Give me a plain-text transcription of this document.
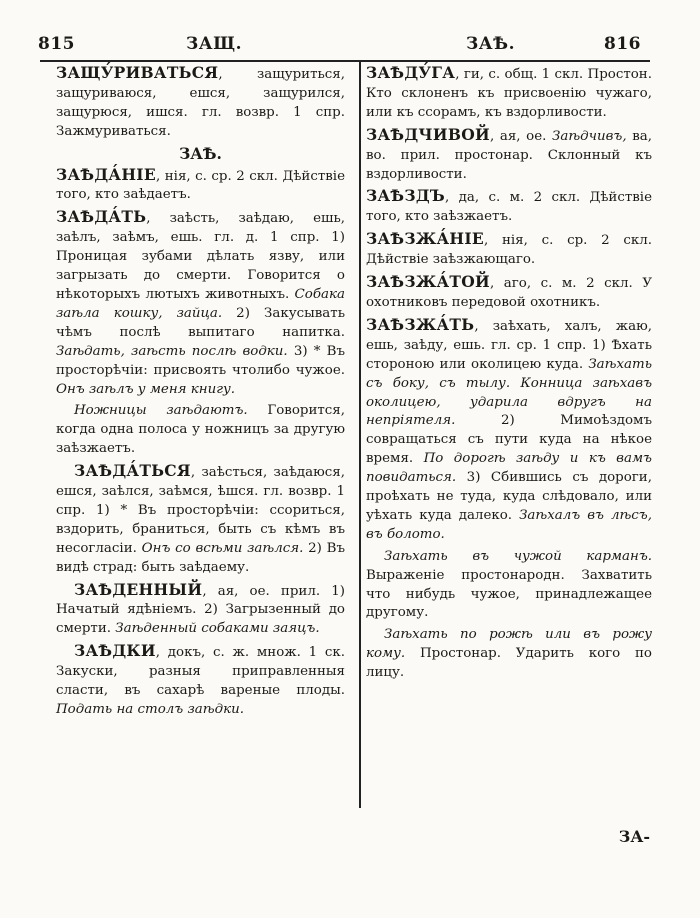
815	ЗАЩ.	ЗАѢ.	816

ЗАЩУ́РИВАТЬСЯ, защуриться, защуриваюся, ешся, защурился, защурюся, ишся. гл. возвр. 1 спр. Зажмуриваться.

ЗАѢ.

ЗАѢДА́НІЕ, нія, с. ср. 2 скл. Дѣйствіе того, кто заѣдаетъ.

ЗАѢДА́ТЬ, заѣсть, заѣдаю, ешь, заѣлъ, заѣмъ, ешь. гл. д. 1 спр. 1) Проницая зубами дѣлать язву, или загрызать до смерти. Говорится о нѣкоторыхъ лютыхъ животныхъ. Собака заѣла кошку, зайца. 2) Закусывать чѣмъ послѣ выпитаго напитка. Заѣдать, заѣсть послѣ водки. 3) * Въ просторѣчіи: присвоять чтолибо чужое. Онъ заѣлъ у меня книгу.

Ножницы заѣдаютъ. Говорится, когда одна полоса у ножницъ за другую заѣзжаетъ.

ЗАѢДА́ТЬСЯ, заѣсться, заѣдаюся, ешся, заѣлся, заѣмся, ѣшся. гл. возвр. 1 спр. 1) * Въ просторѣчіи: ссориться, вздорить, браниться, быть съ кѣмъ въ несогласіи. Онъ со всѣми заѣлся. 2) Въ видѣ страд: быть заѣдаему.

ЗАѢДЕННЫЙ, ая, ое. прил. 1) Начатый ядѣніемъ. 2) Загрызенный до смерти. Заѣденный собаками заяцъ.

ЗАѢДКИ, докъ, с. ж. множ. 1 ск. Закуски, разныя приправленныя сласти, въ сахарѣ вареные плоды. Подать на столъ заѣдки.

ЗАѢДУ́ГА, ги, с. общ. 1 скл. Простон. Кто склоненъ къ присвоенію чужаго, или къ ссорамъ, къ вздорливости.

ЗАѢДЧИВОЙ, ая, ое. Заѣдчивъ, ва, во. прил. простонар. Склонный къ вздорливости.

ЗАѢЗДЪ, да, с. м. 2 скл. Дѣйствіе того, кто заѣзжаетъ.

ЗАѢЗЖА́НІЕ, нія, с. ср. 2 скл. Дѣйствіе заѣзжающаго.

ЗАѢЗЖА́ТОЙ, аго, с. м. 2 скл. У охотниковъ передовой охотникъ.

ЗАѢЗЖА́ТЬ, заѣхать, халъ, жаю, ешь, заѣду, ешь. гл. ср. 1 спр. 1) Ѣхать стороною или околицею куда. Заѣхать съ боку, съ тылу. Конница заѣхавъ околицею, ударила вдругъ на непріятеля. 2) Мимоѣздомъ совращаться съ пути куда на нѣкое время. По дорогѣ заѣду и къ вамъ повидаться. 3) Сбившись съ дороги, проѣхать не туда, куда слѣдовало, или уѣхать куда далеко. Заѣхалъ въ лѣсъ, въ болото.

Заѣхать въ чужой карманъ. Выраженіе простонародн. Захватить что нибудь чужое, принадлежащее другому.

Заѣхать по рожѣ или въ рожу кому. Простонар. Ударить кого по лицу.

ЗА-
